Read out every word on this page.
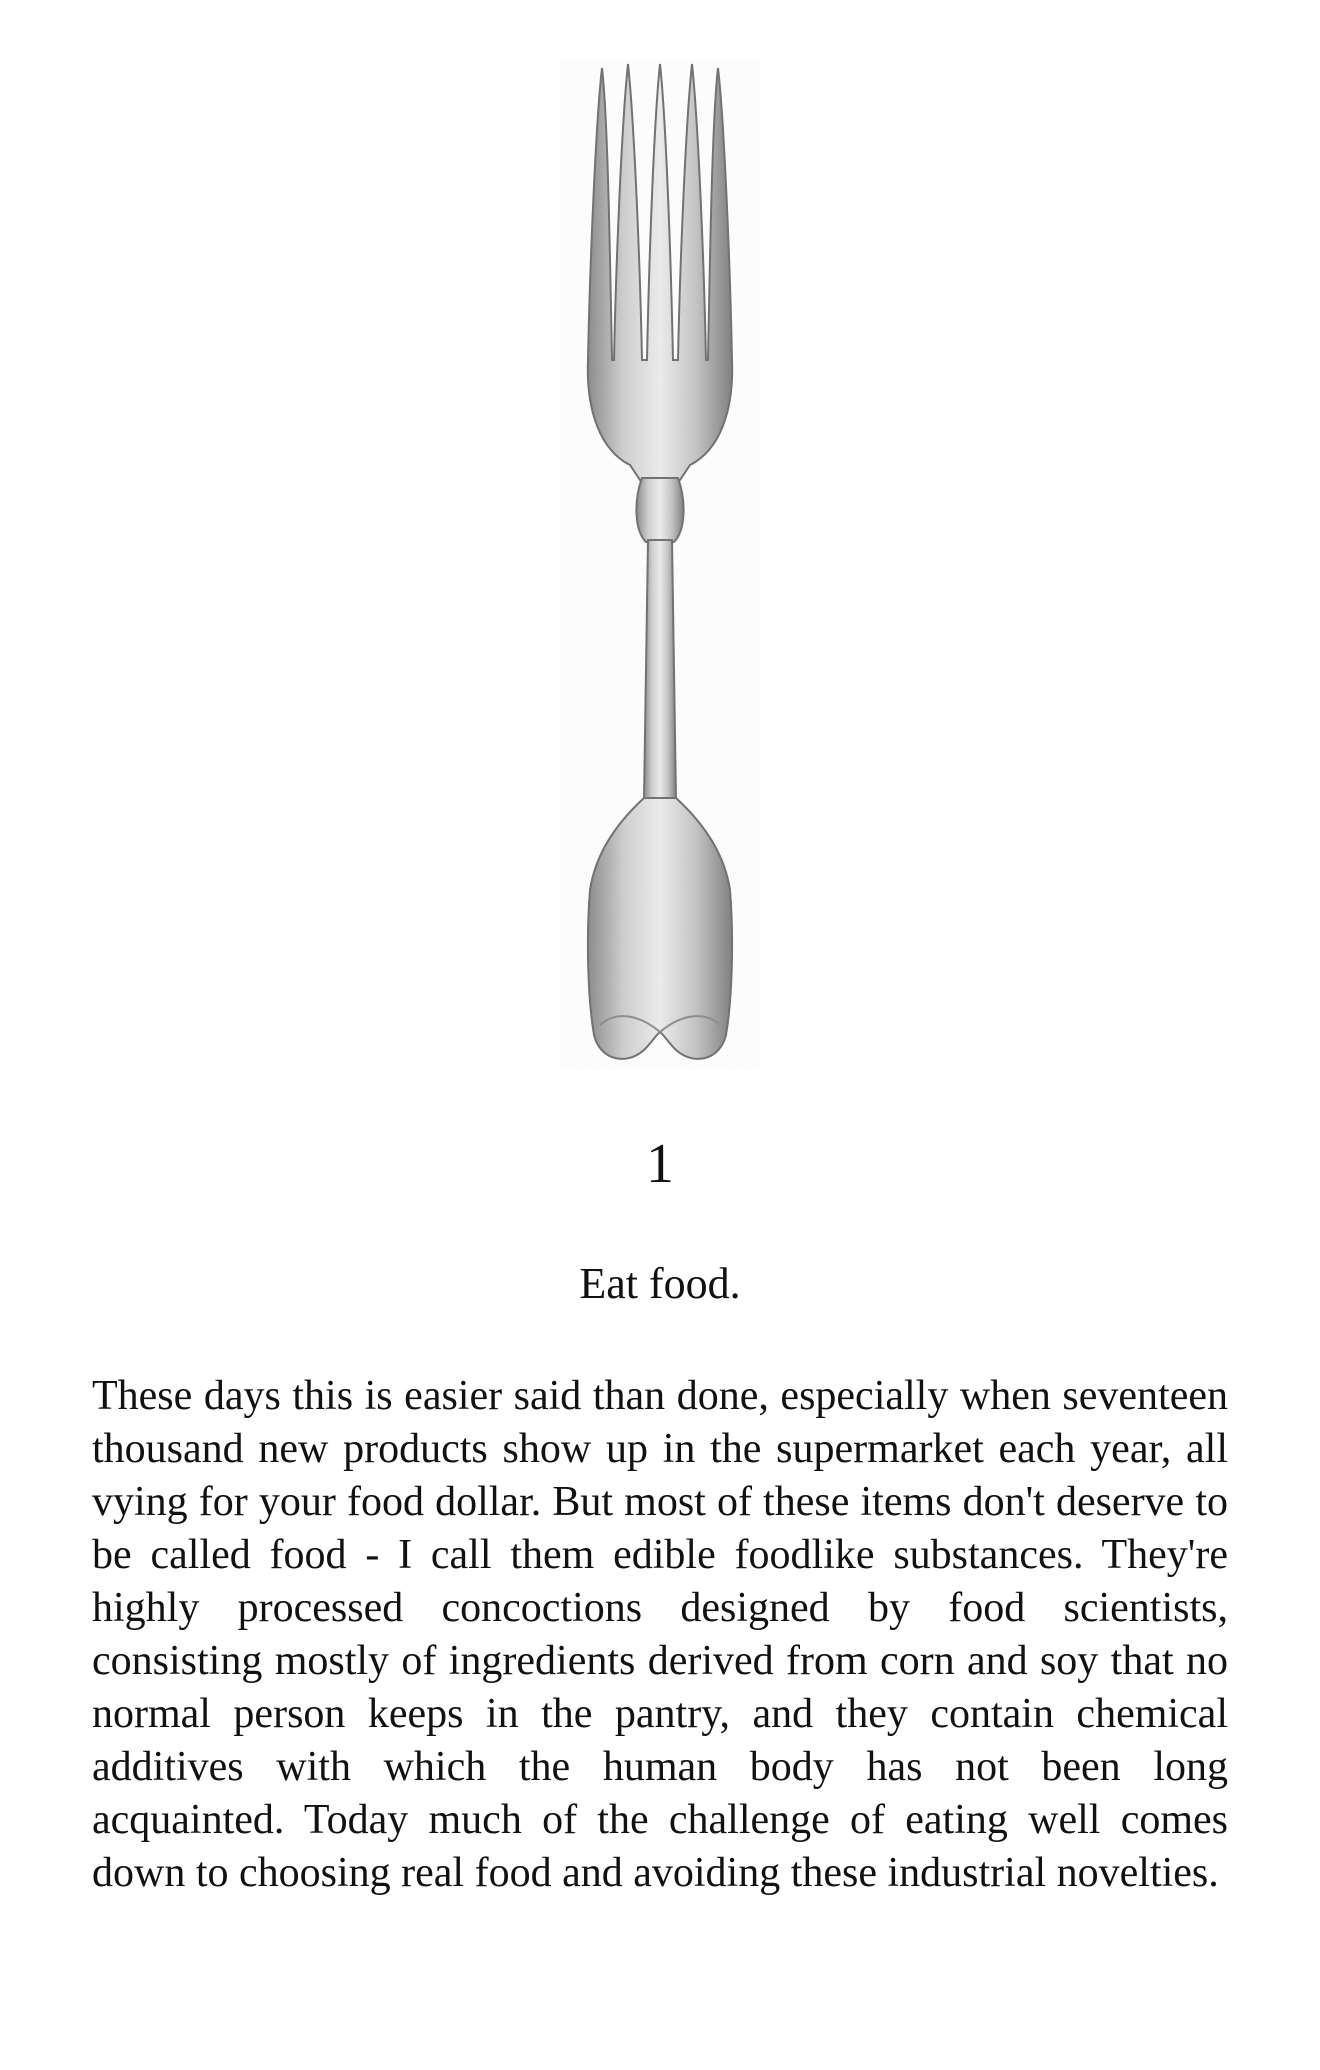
1
Eat food.

These days this is easier said than done, especially when seventeen thousand new products show up in the supermarket each year, all vying for your food dollar. But most of these items don't deserve to be called food - I call them edible foodlike substances. They're highly processed concoctions designed by food scientists, consisting mostly of ingredients derived from corn and soy that no normal person keeps in the pantry, and they contain chemical additives with which the human body has not been long acquainted. Today much of the challenge of eating well comes down to choosing real food and avoiding these industrial novelties.
